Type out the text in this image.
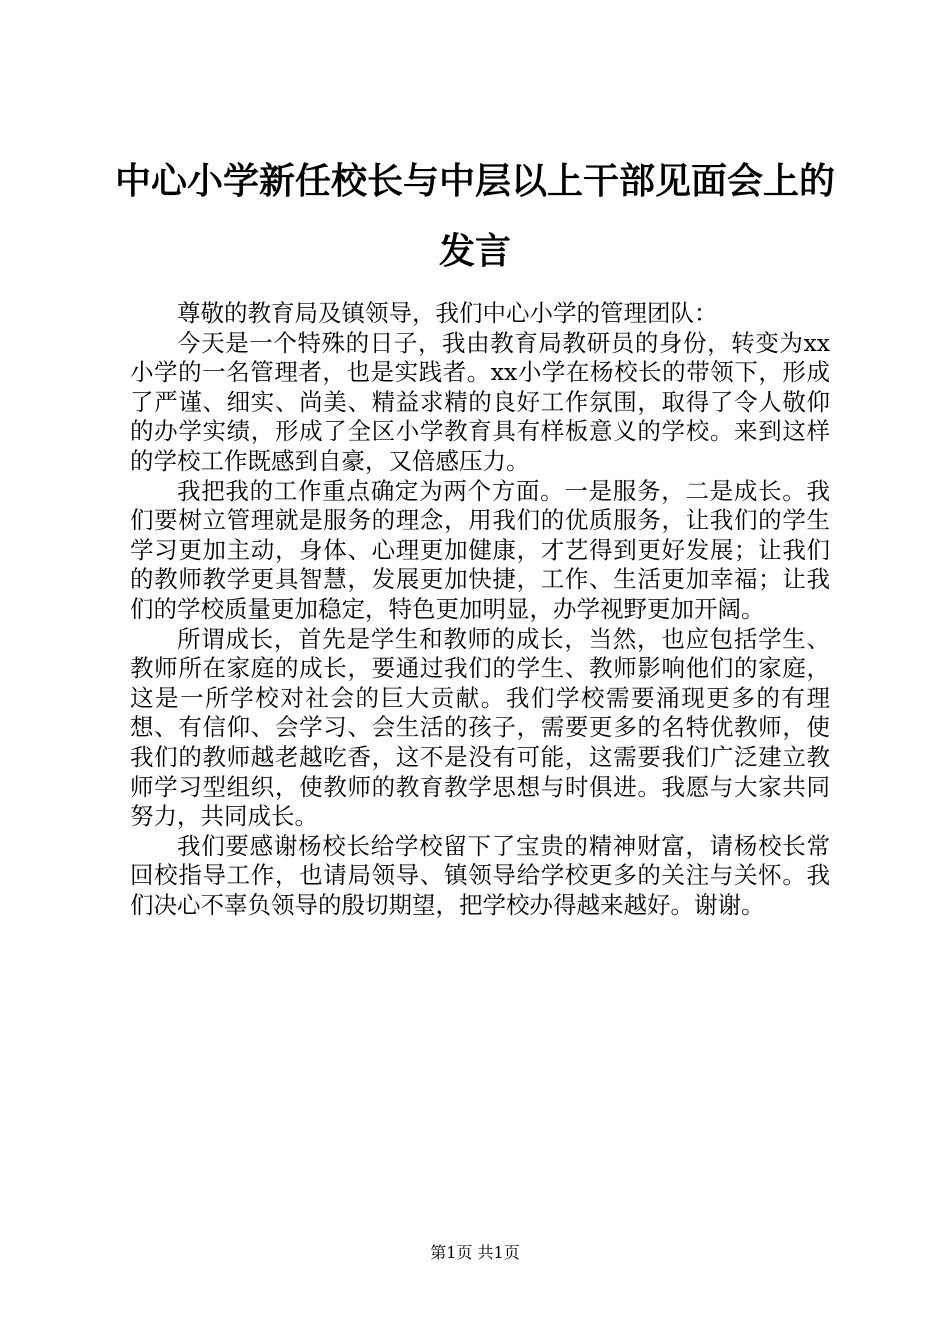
中心小学新任校长与中层以上干部见面会上的
发言

尊敬的教育局及镇领导，我们中心小学的管理团队：

今天是一个特殊的日子，我由教育局教研员的身份，转变为xx小学的一名管理者，也是实践者。xx小学在杨校长的带领下，形成了严谨、细实、尚美、精益求精的良好工作氛围，取得了令人敬仰的办学实绩，形成了全区小学教育具有样板意义的学校。来到这样的学校工作既感到自豪，又倍感压力。

我把我的工作重点确定为两个方面。一是服务，二是成长。我们要树立管理就是服务的理念，用我们的优质服务，让我们的学生学习更加主动，身体、心理更加健康，才艺得到更好发展；让我们的教师教学更具智慧，发展更加快捷，工作、生活更加幸福；让我们的学校质量更加稳定，特色更加明显，办学视野更加开阔。

所谓成长，首先是学生和教师的成长，当然，也应包括学生、教师所在家庭的成长，要通过我们的学生、教师影响他们的家庭，这是一所学校对社会的巨大贡献。我们学校需要涌现更多的有理想、有信仰、会学习、会生活的孩子，需要更多的名特优教师，使我们的教师越老越吃香，这不是没有可能，这需要我们广泛建立教师学习型组织，使教师的教育教学思想与时俱进。我愿与大家共同努力，共同成长。

我们要感谢杨校长给学校留下了宝贵的精神财富，请杨校长常回校指导工作，也请局领导、镇领导给学校更多的关注与关怀。我们决心不辜负领导的殷切期望，把学校办得越来越好。谢谢。

第1页 共1页
